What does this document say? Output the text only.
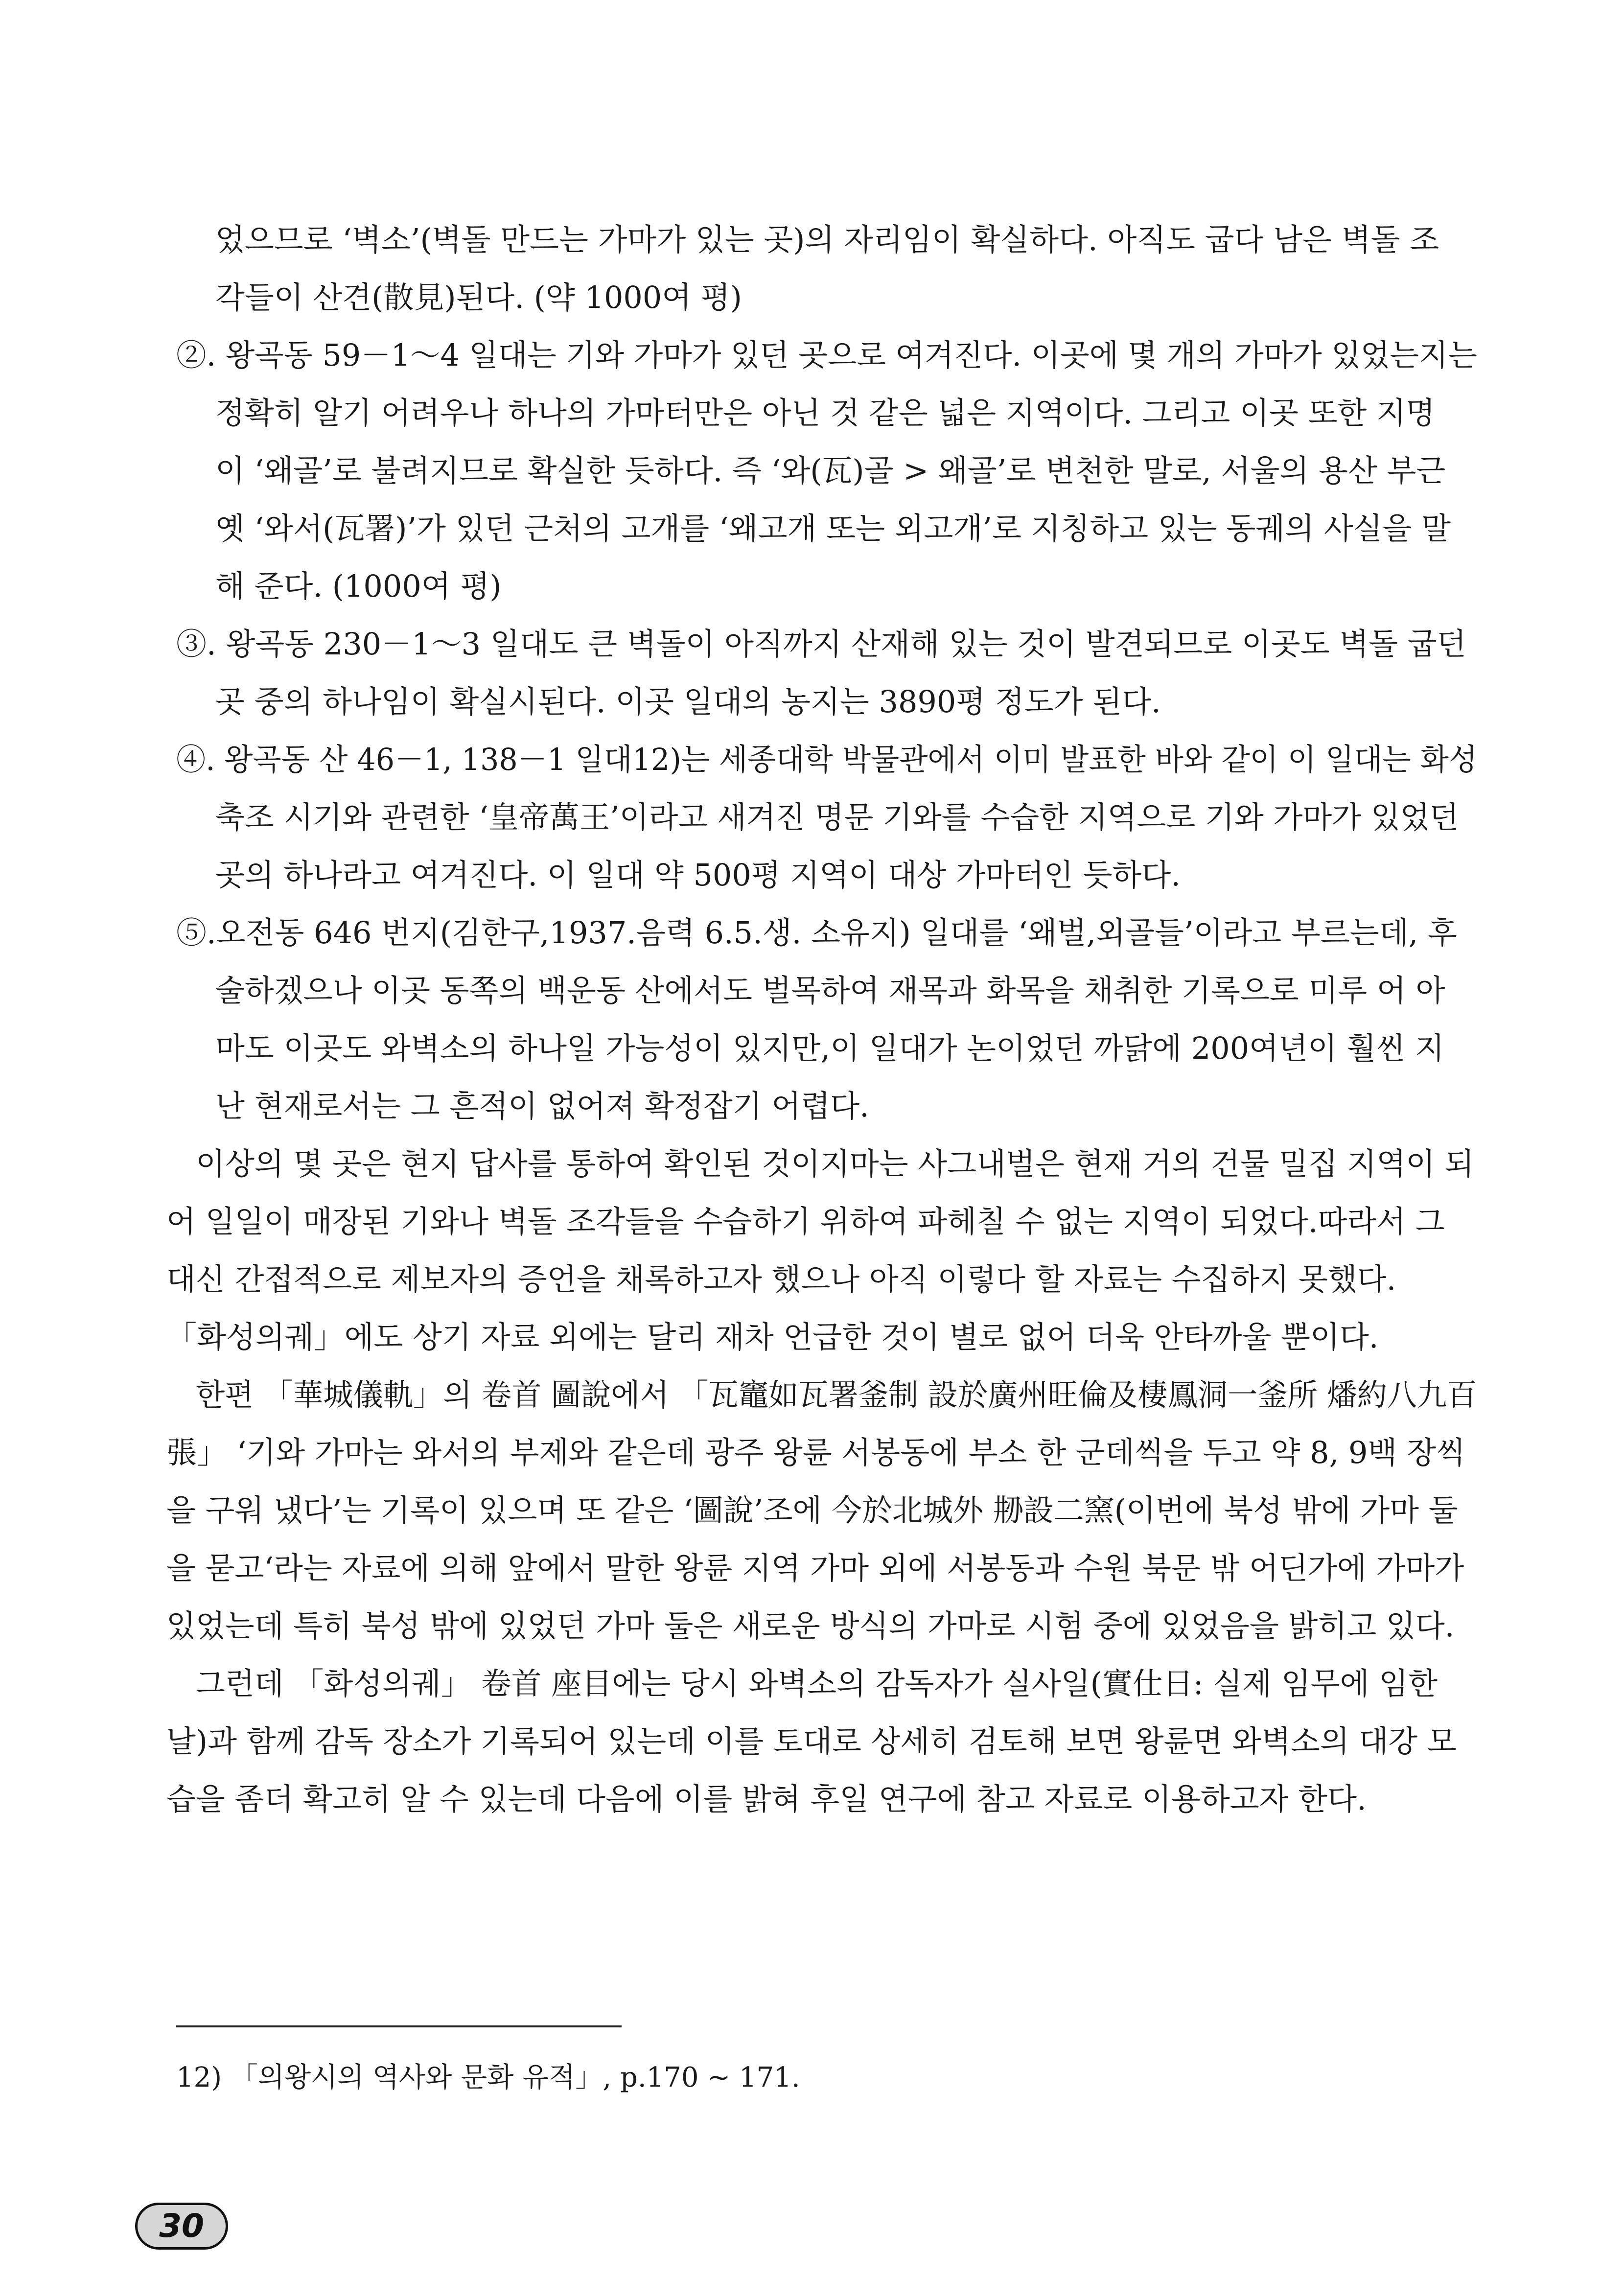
었으므로 ‘벽소’(벽돌 만드는 가마가 있는 곳)의 자리임이 확실하다. 아직도 굽다 남은 벽돌 조
각들이 산견(散見)된다. (약 1000여 평)
②. 왕곡동 59－1～4 일대는 기와 가마가 있던 곳으로 여겨진다. 이곳에 몇 개의 가마가 있었는지는
정확히 알기 어려우나 하나의 가마터만은 아닌 것 같은 넓은 지역이다. 그리고 이곳 또한 지명
이 ‘왜골’로 불려지므로 확실한 듯하다. 즉 ‘와(瓦)골 > 왜골’로 변천한 말로, 서울의 용산 부근
옛 ‘와서(瓦署)’가 있던 근처의 고개를 ‘왜고개 또는 외고개’로 지칭하고 있는 동궤의 사실을 말
해 준다. (1000여 평)
③. 왕곡동 230－1～3 일대도 큰 벽돌이 아직까지 산재해 있는 것이 발견되므로 이곳도 벽돌 굽던
곳 중의 하나임이 확실시된다. 이곳 일대의 농지는 3890평 정도가 된다.
④. 왕곡동 산 46－1, 138－1 일대12)는 세종대학 박물관에서 이미 발표한 바와 같이 이 일대는 화성
축조 시기와 관련한 ‘皇帝萬王’이라고 새겨진 명문 기와를 수습한 지역으로 기와 가마가 있었던
곳의 하나라고 여겨진다. 이 일대 약 500평 지역이 대상 가마터인 듯하다.
⑤.오전동 646 번지(김한구,1937.음력 6.5.생. 소유지) 일대를 ‘왜벌,외골들’이라고 부르는데, 후
술하겠으나 이곳 동쪽의 백운동 산에서도 벌목하여 재목과 화목을 채취한 기록으로 미루 어 아
마도 이곳도 와벽소의 하나일 가능성이 있지만,이 일대가 논이었던 까닭에 200여년이 훨씬 지
난 현재로서는 그 흔적이 없어져 확정잡기 어렵다.
이상의 몇 곳은 현지 답사를 통하여 확인된 것이지마는 사그내벌은 현재 거의 건물 밀집 지역이 되
어 일일이 매장된 기와나 벽돌 조각들을 수습하기 위하여 파헤칠 수 없는 지역이 되었다.따라서 그
대신 간접적으로 제보자의 증언을 채록하고자 했으나 아직 이렇다 할 자료는 수집하지 못했다.
「화성의궤」에도 상기 자료 외에는 달리 재차 언급한 것이 별로 없어 더욱 안타까울 뿐이다.
한편 「華城儀軌」의 卷首 圖說에서 「瓦竈如瓦署釜制 設於廣州旺倫及棲鳳洞一釜所 燔約八九百
張」 ‘기와 가마는 와서의 부제와 같은데 광주 왕륜 서봉동에 부소 한 군데씩을 두고 약 8, 9백 장씩
을 구워 냈다’는 기록이 있으며 또 같은 ‘圖說’조에 今於北城外 刱設二窯(이번에 북성 밖에 가마 둘
을 묻고‘라는 자료에 의해 앞에서 말한 왕륜 지역 가마 외에 서봉동과 수원 북문 밖 어딘가에 가마가
있었는데 특히 북성 밖에 있었던 가마 둘은 새로운 방식의 가마로 시험 중에 있었음을 밝히고 있다.
그런데 「화성의궤」 卷首 座目에는 당시 와벽소의 감독자가 실사일(實仕日: 실제 임무에 임한
날)과 함께 감독 장소가 기록되어 있는데 이를 토대로 상세히 검토해 보면 왕륜면 와벽소의 대강 모
습을 좀더 확고히 알 수 있는데 다음에 이를 밝혀 후일 연구에 참고 자료로 이용하고자 한다.
12) 「의왕시의 역사와 문화 유적」, p.170 ~ 171.
30
